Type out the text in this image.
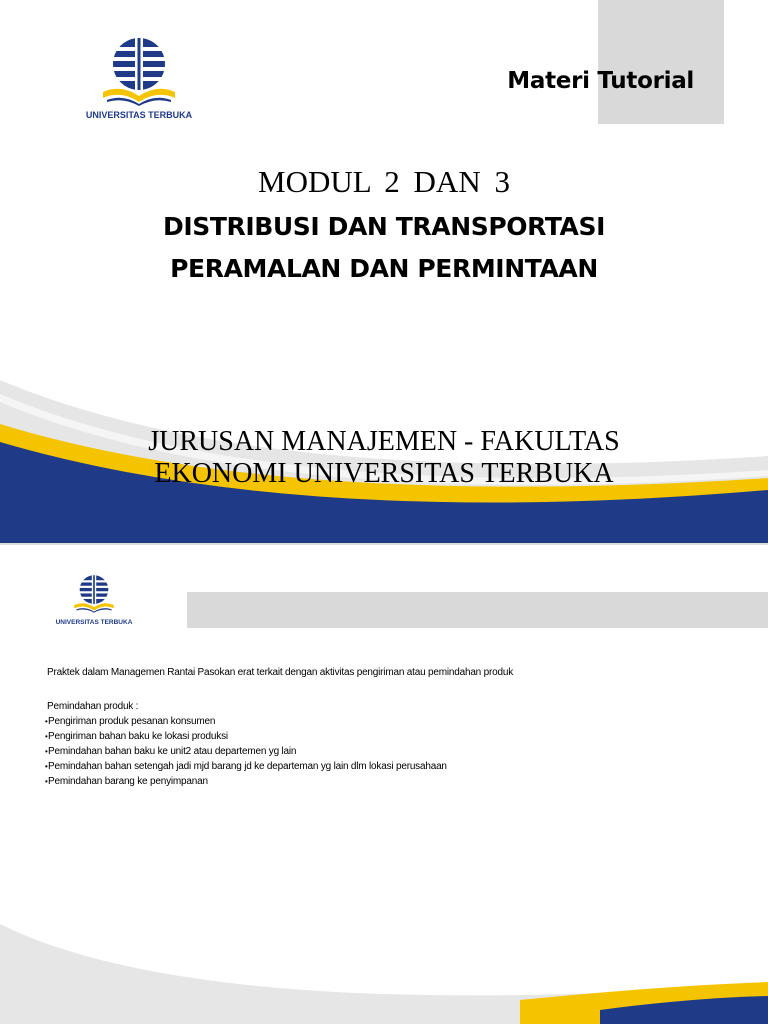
UNIVERSITAS TERBUKA
Materi Tutorial
MODUL 2 DAN 3
DISTRIBUSI DAN TRANSPORTASI
PERAMALAN DAN PERMINTAAN
JURUSAN MANAJEMEN - FAKULTAS
EKONOMI UNIVERSITAS TERBUKA
UNIVERSITAS TERBUKA
Praktek dalam Managemen Rantai Pasokan erat terkait dengan aktivitas pengiriman atau pemindahan produk
Pemindahan produk :
•Pengiriman produk pesanan konsumen
•Pengiriman bahan baku ke lokasi produksi
•Pemindahan bahan baku ke unit2 atau departemen yg lain
•Pemindahan bahan setengah jadi mjd barang jd ke departeman yg lain dlm lokasi perusahaan
•Pemindahan barang ke penyimpanan
